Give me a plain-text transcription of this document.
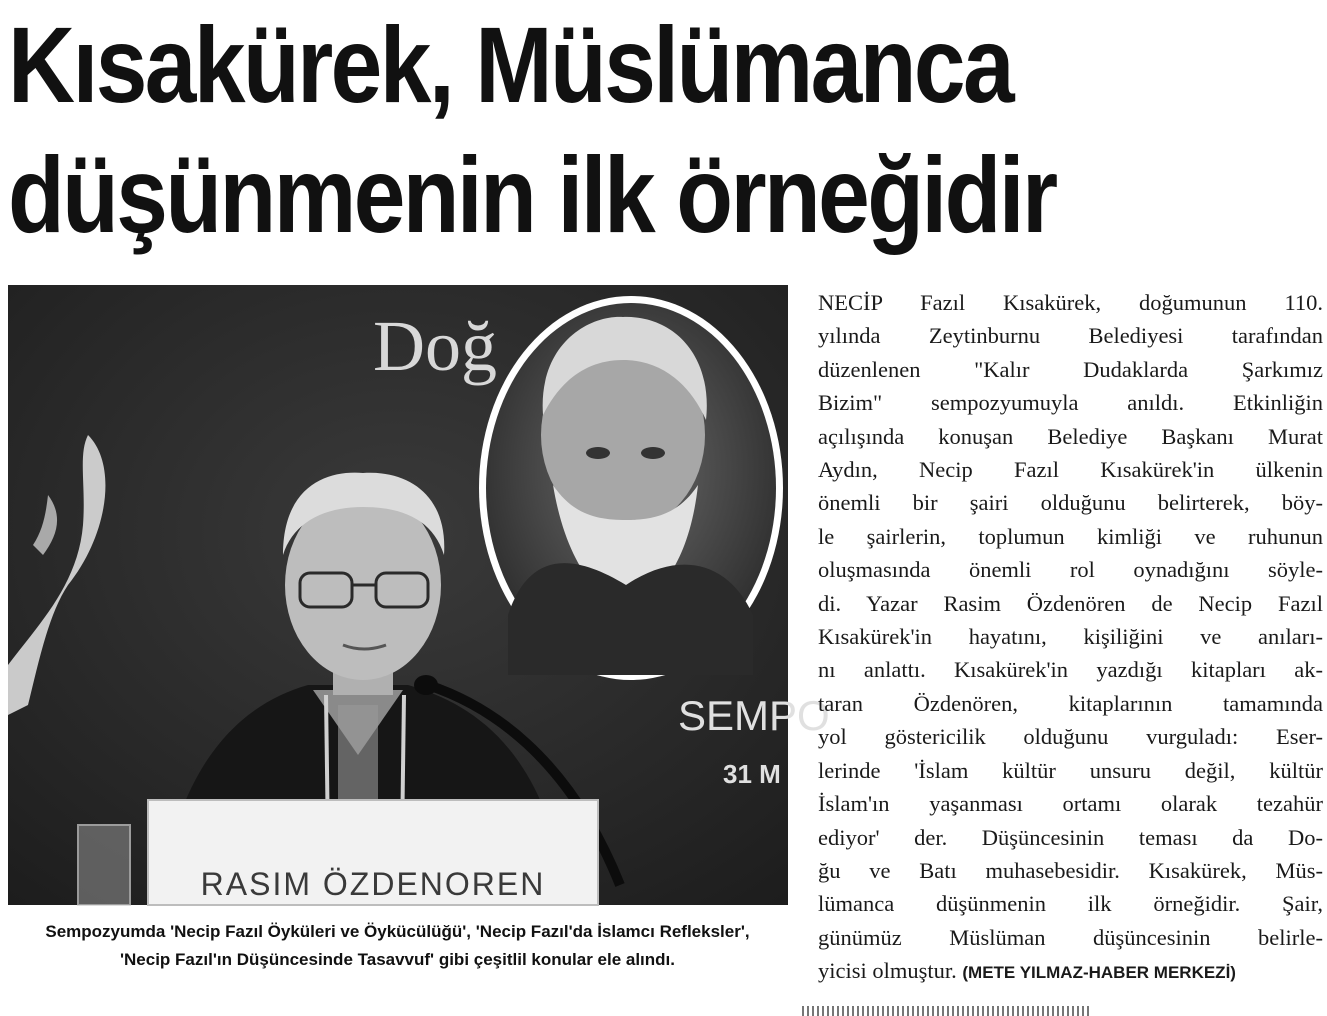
Kısakürek, Müslümanca
düşünmenin ilk örneğidir
Doğ
SEMPO
31 M
RASIM ÖZDENOREN
Sempozyumda 'Necip Fazıl Öyküleri ve Öykücülüğü', 'Necip Fazıl'da İslamcı Refleksler',
'Necip Fazıl'ın Düşüncesinde Tasavvuf' gibi çeşitlil konular ele alındı.
NECİP Fazıl Kısakürek, doğumunun 110.
yılında Zeytinburnu Belediyesi tarafından
düzenlenen "Kalır Dudaklarda Şarkımız
Bizim" sempozyumuyla anıldı. Etkinliğin
açılışında konuşan Belediye Başkanı Murat
Aydın, Necip Fazıl Kısakürek'in ülkenin
önemli bir şairi olduğunu belirterek, böy-
le şairlerin, toplumun kimliği ve ruhunun
oluşmasında önemli rol oynadığını söyle-
di. Yazar Rasim Özdenören de Necip Fazıl
Kısakürek'in hayatını, kişiliğini ve anıları-
nı anlattı. Kısakürek'in yazdığı kitapları ak-
taran Özdenören, kitaplarının tamamında
yol göstericilik olduğunu vurguladı: Eser-
lerinde 'İslam kültür unsuru değil, kültür
İslam'ın yaşanması ortamı olarak tezahür
ediyor' der. Düşüncesinin teması da Do-
ğu ve Batı muhasebesidir. Kısakürek, Müs-
lümanca düşünmenin ilk örneğidir. Şair,
günümüz Müslüman düşüncesinin belirle-
yicisi olmuştur. (METE YILMAZ-HABER MERKEZİ)
